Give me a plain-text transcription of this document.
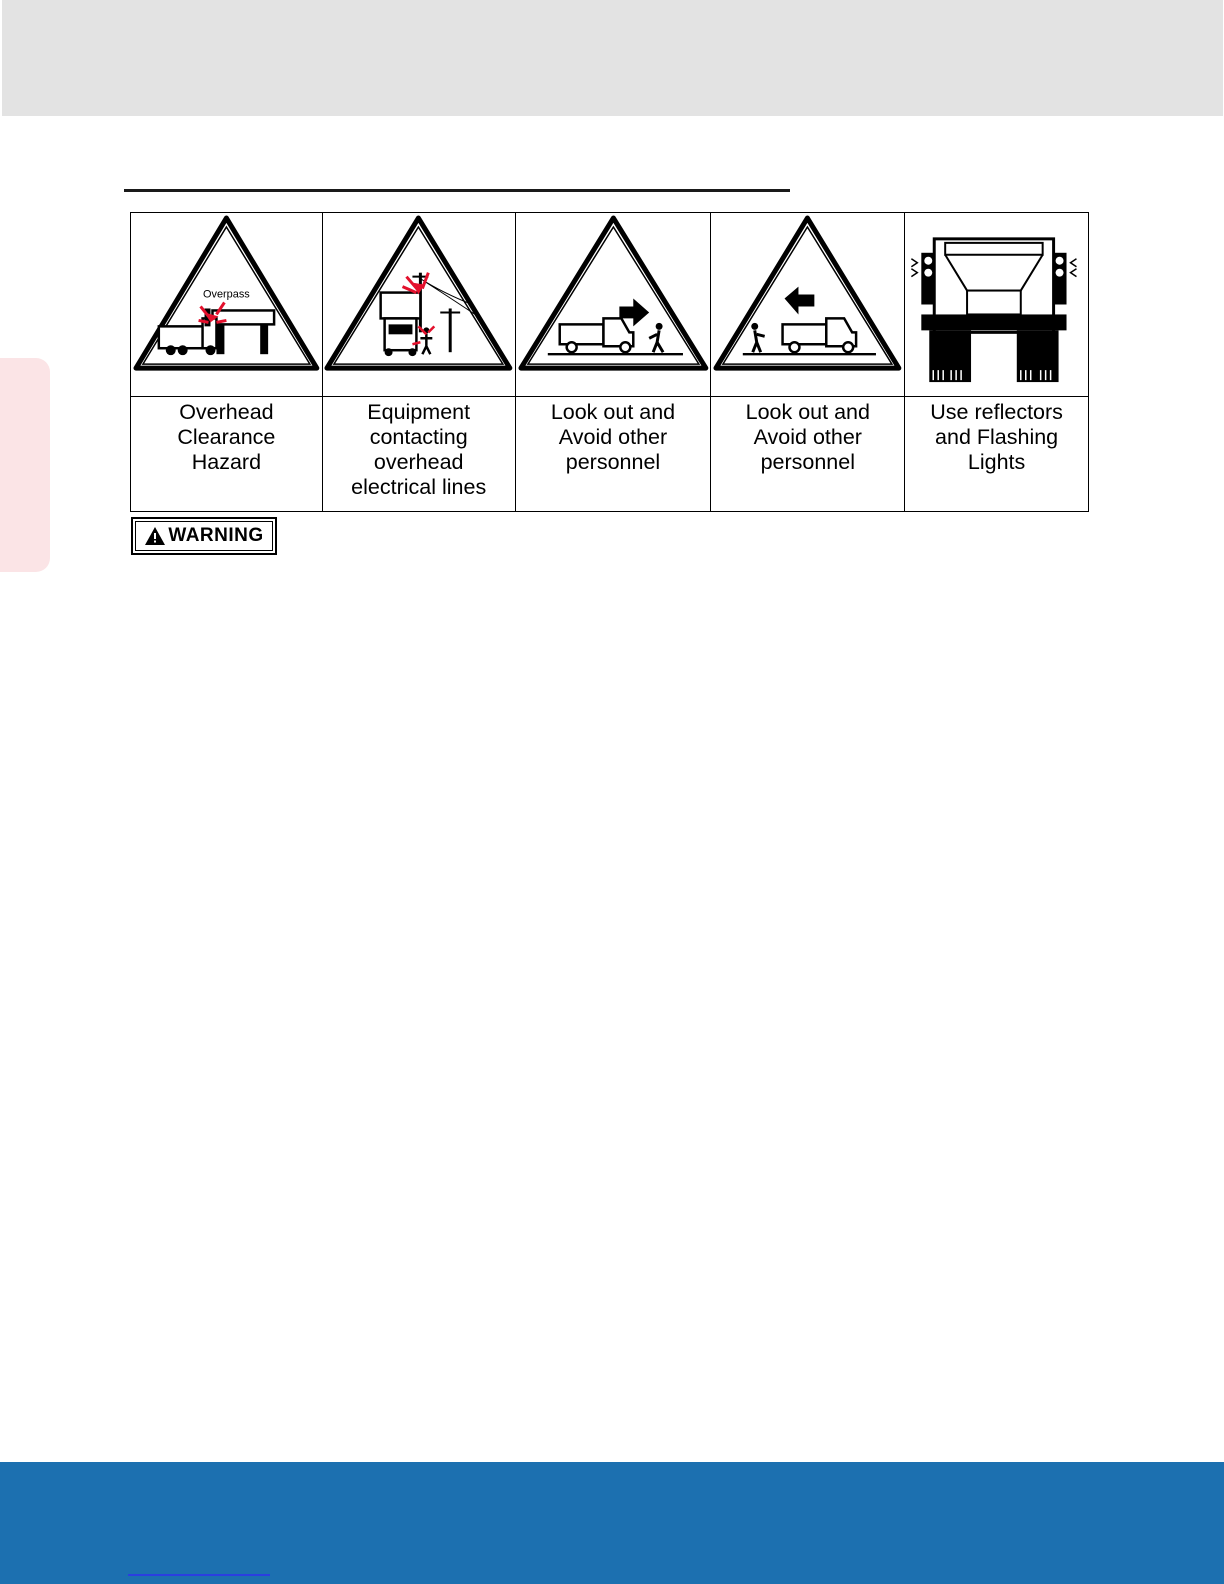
Overpass
Overhead
Clearance
Hazard
Equipment
contacting
overhead
electrical lines
Look out and
Avoid other
personnel
Look out and
Avoid other
personnel
Use reflectors
and Flashing
Lights
WARNING
